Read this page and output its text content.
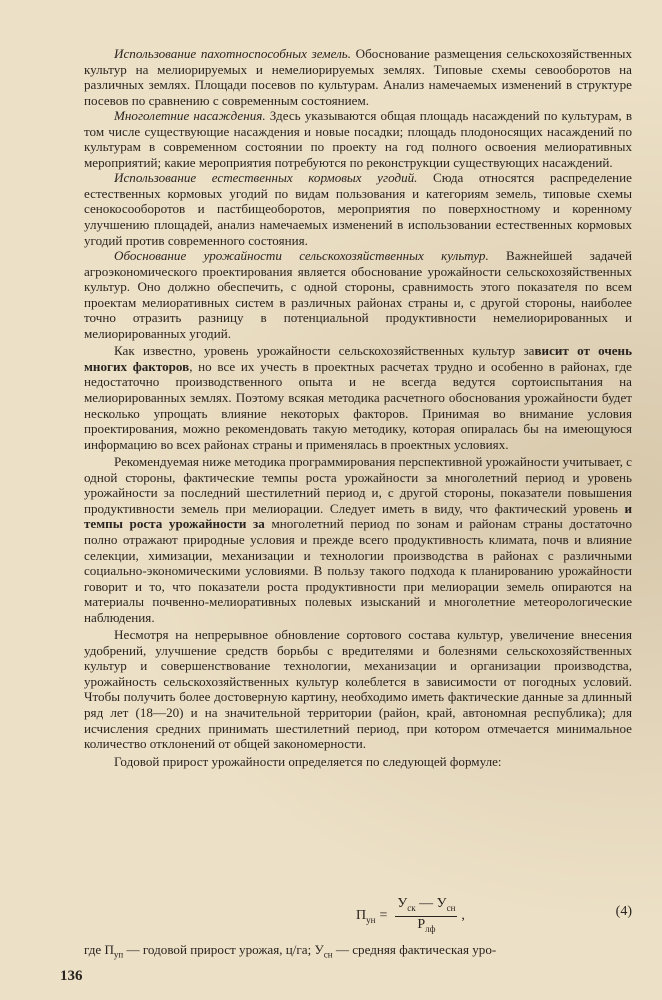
Использование пахотноспособных земель. Обоснование размещения сельскохозяйственных культур на мелиорируемых и немелиорируемых землях. Типовые схемы севооборотов на различных землях. Площади посевов по культурам. Анализ намечаемых изменений в структуре посевов по сравнению с современным состоянием.

Многолетние насаждения. Здесь указываются общая площадь насаждений по культурам, в том числе существующие насаждения и новые посадки; площадь плодоносящих насаждений по культурам в современном состоянии по проекту на год полного освоения мелиоративных мероприятий; какие мероприятия потребуются по реконструкции существующих насаждений.

Использование естественных кормовых угодий. Сюда относятся распределение естественных кормовых угодий по видам пользования и категориям земель, типовые схемы сенокосооборотов и пастбищеоборотов, мероприятия по поверхностному и коренному улучшению площадей, анализ намечаемых изменений в использовании естественных кормовых угодий против современного состояния.

Обоснование урожайности сельскохозяйственных культур. Важнейшей задачей агроэкономического проектирования является обоснование урожайности сельскохозяйственных культур. Оно должно обеспечить, с одной стороны, сравнимость этого показателя по всем проектам мелиоративных систем в различных районах страны и, с другой стороны, наиболее точно отразить разницу в потенциальной продуктивности немелиорированных и мелиорированных угодий.

Как известно, уровень урожайности сельскохозяйственных культур зависит от очень многих факторов, но все их учесть в проектных расчетах трудно и особенно в районах, где недостаточно производственного опыта и не всегда ведутся сортоиспытания на мелиорированных землях. Поэтому всякая методика расчетного обоснования урожайности будет несколько упрощать влияние некоторых факторов. Принимая во внимание условия проектирования, можно рекомендовать такую методику, которая опиралась бы на имеющуюся информацию во всех районах страны и применялась в проектных условиях.

Рекомендуемая ниже методика программирования перспективной урожайности учитывает, с одной стороны, фактические темпы роста урожайности за многолетний период и уровень урожайности за последний шестилетний период и, с другой стороны, показатели повышения продуктивности земель при мелиорации. Следует иметь в виду, что фактический уровень и темпы роста урожайности за многолетний период по зонам и районам страны достаточно полно отражают природные условия и прежде всего продуктивность климата, почв и влияние селекции, химизации, механизации и технологии производства в районах с различными социально-экономическими условиями. В пользу такого подхода к планированию урожайности говорит и то, что показатели роста продуктивности при мелиорации земель опираются на материалы почвенно-мелиоративных полевых изысканий и многолетние метеорологические наблюдения.

Несмотря на непрерывное обновление сортового состава культур, увеличение внесения удобрений, улучшение средств борьбы с вредителями и болезнями сельскохозяйственных культур и совершенствование технологии, механизации и организации производства, урожайность сельскохозяйственных культур колеблется в зависимости от погодных условий. Чтобы получить более достоверную картину, необходимо иметь фактические данные за длинный ряд лет (18—20) и на значительной территории (район, край, автономная республика); для исчисления средних принимать шестилетний период, при котором отмечается минимальное количество отклонений от общей закономерности.

Годовой прирост урожайности определяется по следующей формуле:

$П_{ун} = \frac{У_{ск} — У_{сн}}{Р_{лф}}$ ,	(4)
где $П_{уп}$ — годовой прирост урожая, ц/га; $У_{сн}$ — средняя фактическая уро-
136
